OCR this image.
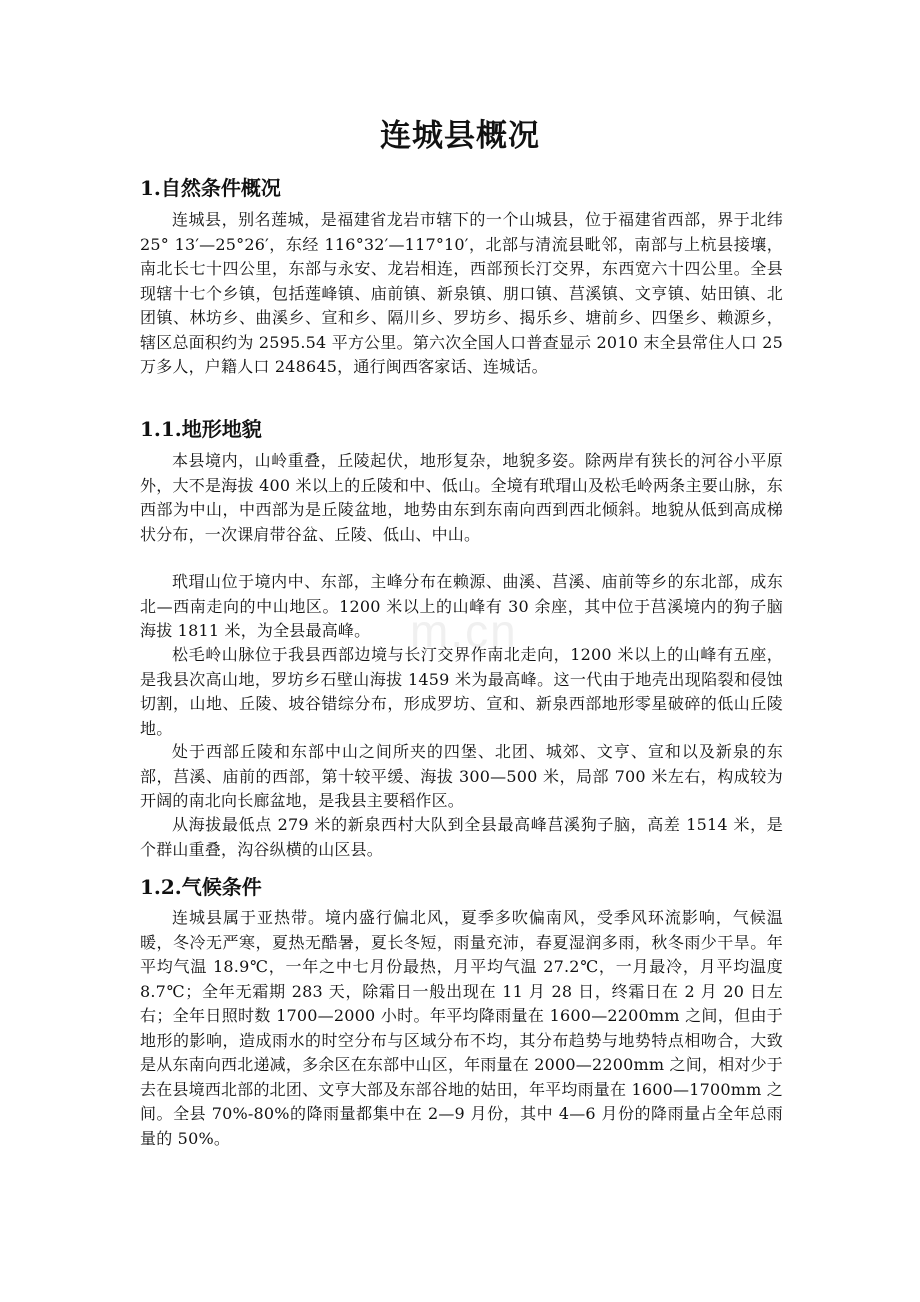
m.cn
连城县概况
1.自然条件概况

连城县，别名莲城，是福建省龙岩市辖下的一个山城县，位于福建省西部，界于北纬 25° 13′—25°26′，东经 116°32′—117°10′，北部与清流县毗邻，南部与上杭县接壤，南北长七十四公里，东部与永安、龙岩相连，西部预长汀交界，东西宽六十四公里。全县现辖十七个乡镇，包括莲峰镇、庙前镇、新泉镇、朋口镇、莒溪镇、文亨镇、姑田镇、北团镇、林坊乡、曲溪乡、宣和乡、隔川乡、罗坊乡、揭乐乡、塘前乡、四堡乡、赖源乡，辖区总面积约为 2595.54 平方公里。第六次全国人口普查显示 2010 末全县常住人口 25 万多人，户籍人口 248645，通行闽西客家话、连城话。

1.1.地形地貌

本县境内，山岭重叠，丘陵起伏，地形复杂，地貌多姿。除两岸有狭长的河谷小平原外，大不是海拔 400 米以上的丘陵和中、低山。全境有玳瑁山及松毛岭两条主要山脉，东西部为中山，中西部为是丘陵盆地，地势由东到东南向西到西北倾斜。地貌从低到高成梯状分布，一次课肩带谷盆、丘陵、低山、中山。

玳瑁山位于境内中、东部，主峰分布在赖源、曲溪、莒溪、庙前等乡的东北部，成东北—西南走向的中山地区。1200 米以上的山峰有 30 余座，其中位于莒溪境内的狗子脑海拔 1811 米，为全县最高峰。

松毛岭山脉位于我县西部边境与长汀交界作南北走向，1200 米以上的山峰有五座，是我县次高山地，罗坊乡石壁山海拔 1459 米为最高峰。这一代由于地壳出现陷裂和侵蚀切割，山地、丘陵、坡谷错综分布，形成罗坊、宣和、新泉西部地形零星破碎的低山丘陵地。

处于西部丘陵和东部中山之间所夹的四堡、北团、城郊、文亨、宣和以及新泉的东部，莒溪、庙前的西部，第十较平缓、海拔 300—500 米，局部 700 米左右，构成较为开阔的南北向长廊盆地，是我县主要稻作区。

从海拔最低点 279 米的新泉西村大队到全县最高峰莒溪狗子脑，高差 1514 米，是个群山重叠，沟谷纵横的山区县。

1.2.气候条件

连城县属于亚热带。境内盛行偏北风，夏季多吹偏南风，受季风环流影响，气候温暖，冬冷无严寒，夏热无酷暑，夏长冬短，雨量充沛，春夏湿润多雨，秋冬雨少干旱。年平均气温 18.9℃，一年之中七月份最热，月平均气温 27.2℃，一月最冷，月平均温度 8.7℃；全年无霜期 283 天，除霜日一般出现在 11 月 28 日，终霜日在 2 月 20 日左右；全年日照时数 1700—2000 小时。年平均降雨量在 1600—2200mm 之间，但由于地形的影响，造成雨水的时空分布与区域分布不均，其分布趋势与地势特点相吻合，大致是从东南向西北递减，多余区在东部中山区，年雨量在 2000—2200mm 之间，相对少于去在县境西北部的北团、文亨大部及东部谷地的姑田，年平均雨量在 1600—1700mm 之间。全县 70%-80%的降雨量都集中在 2—9 月份，其中 4—6 月份的降雨量占全年总雨量的 50%。
